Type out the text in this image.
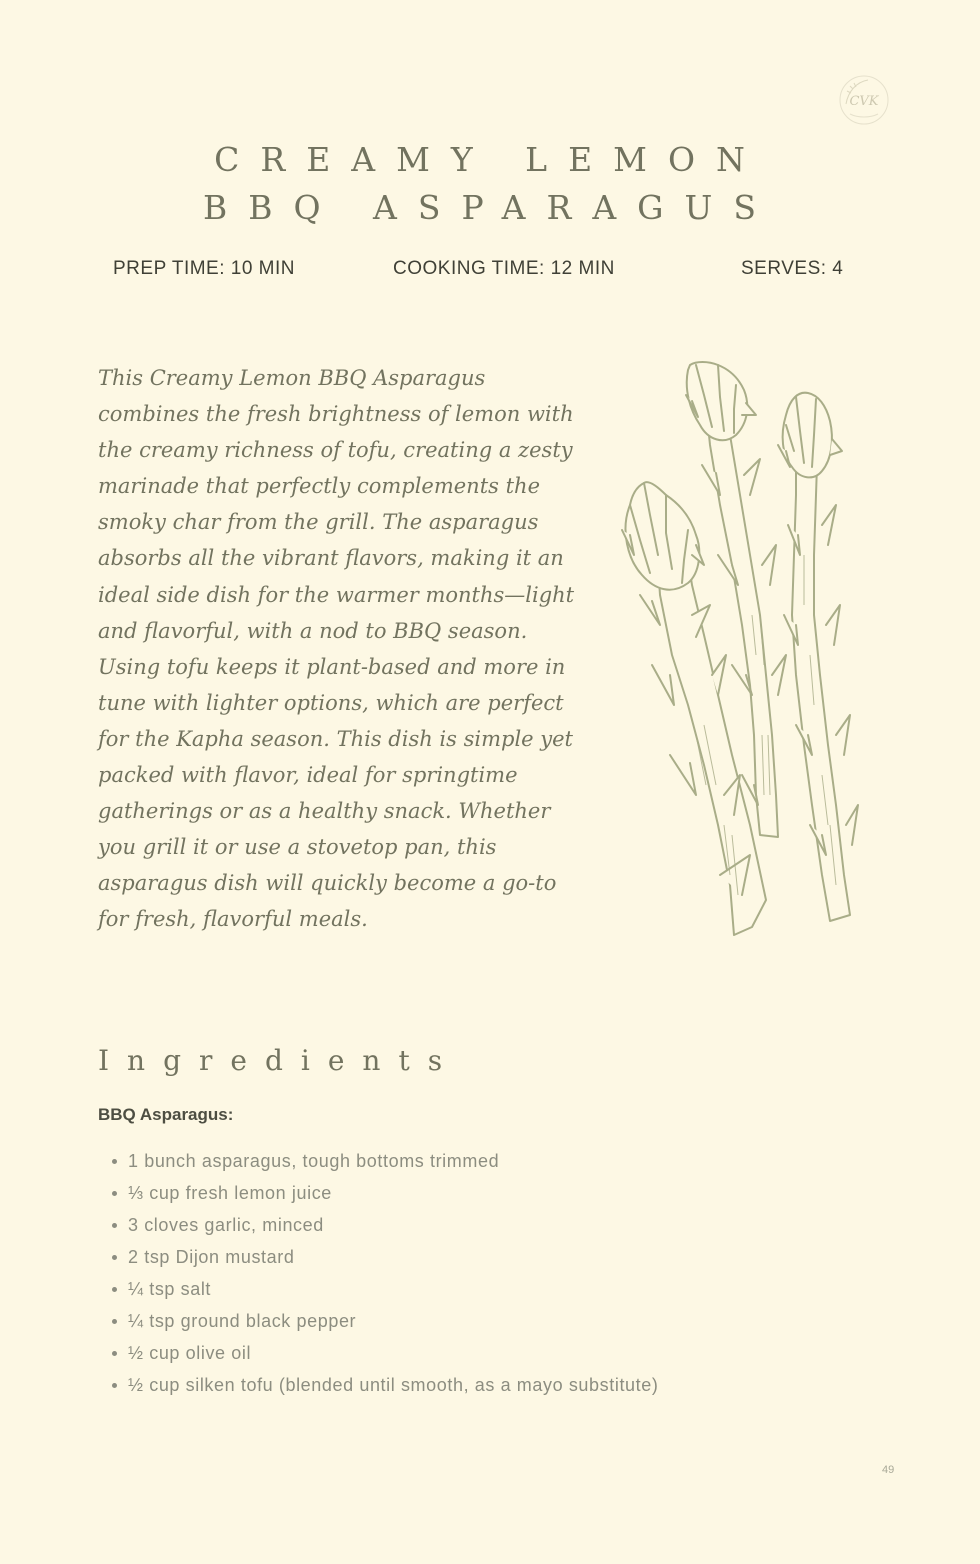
CVK
CREAMY LEMON
BBQ ASPARAGUS
PREP TIME: 10 MIN	COOKING TIME: 12 MIN	SERVES: 4

This Creamy Lemon BBQ Asparagus
combines the fresh brightness of lemon with
the creamy richness of tofu, creating a zesty
marinade that perfectly complements the
smoky char from the grill. The asparagus
absorbs all the vibrant flavors, making it an
ideal side dish for the warmer months—light
and flavorful, with a nod to BBQ season.
Using tofu keeps it plant-based and more in
tune with lighter options, which are perfect
for the Kapha season. This dish is simple yet
packed with flavor, ideal for springtime
gatherings or as a healthy snack. Whether
you grill it or use a stovetop pan, this
asparagus dish will quickly become a go-to
for fresh, flavorful meals.

Ingredients
BBQ Asparagus:
1 bunch asparagus, tough bottoms trimmed
⅓ cup fresh lemon juice
3 cloves garlic, minced
2 tsp Dijon mustard
¼ tsp salt
¼ tsp ground black pepper
½ cup olive oil
½ cup silken tofu (blended until smooth, as a mayo substitute)
49
